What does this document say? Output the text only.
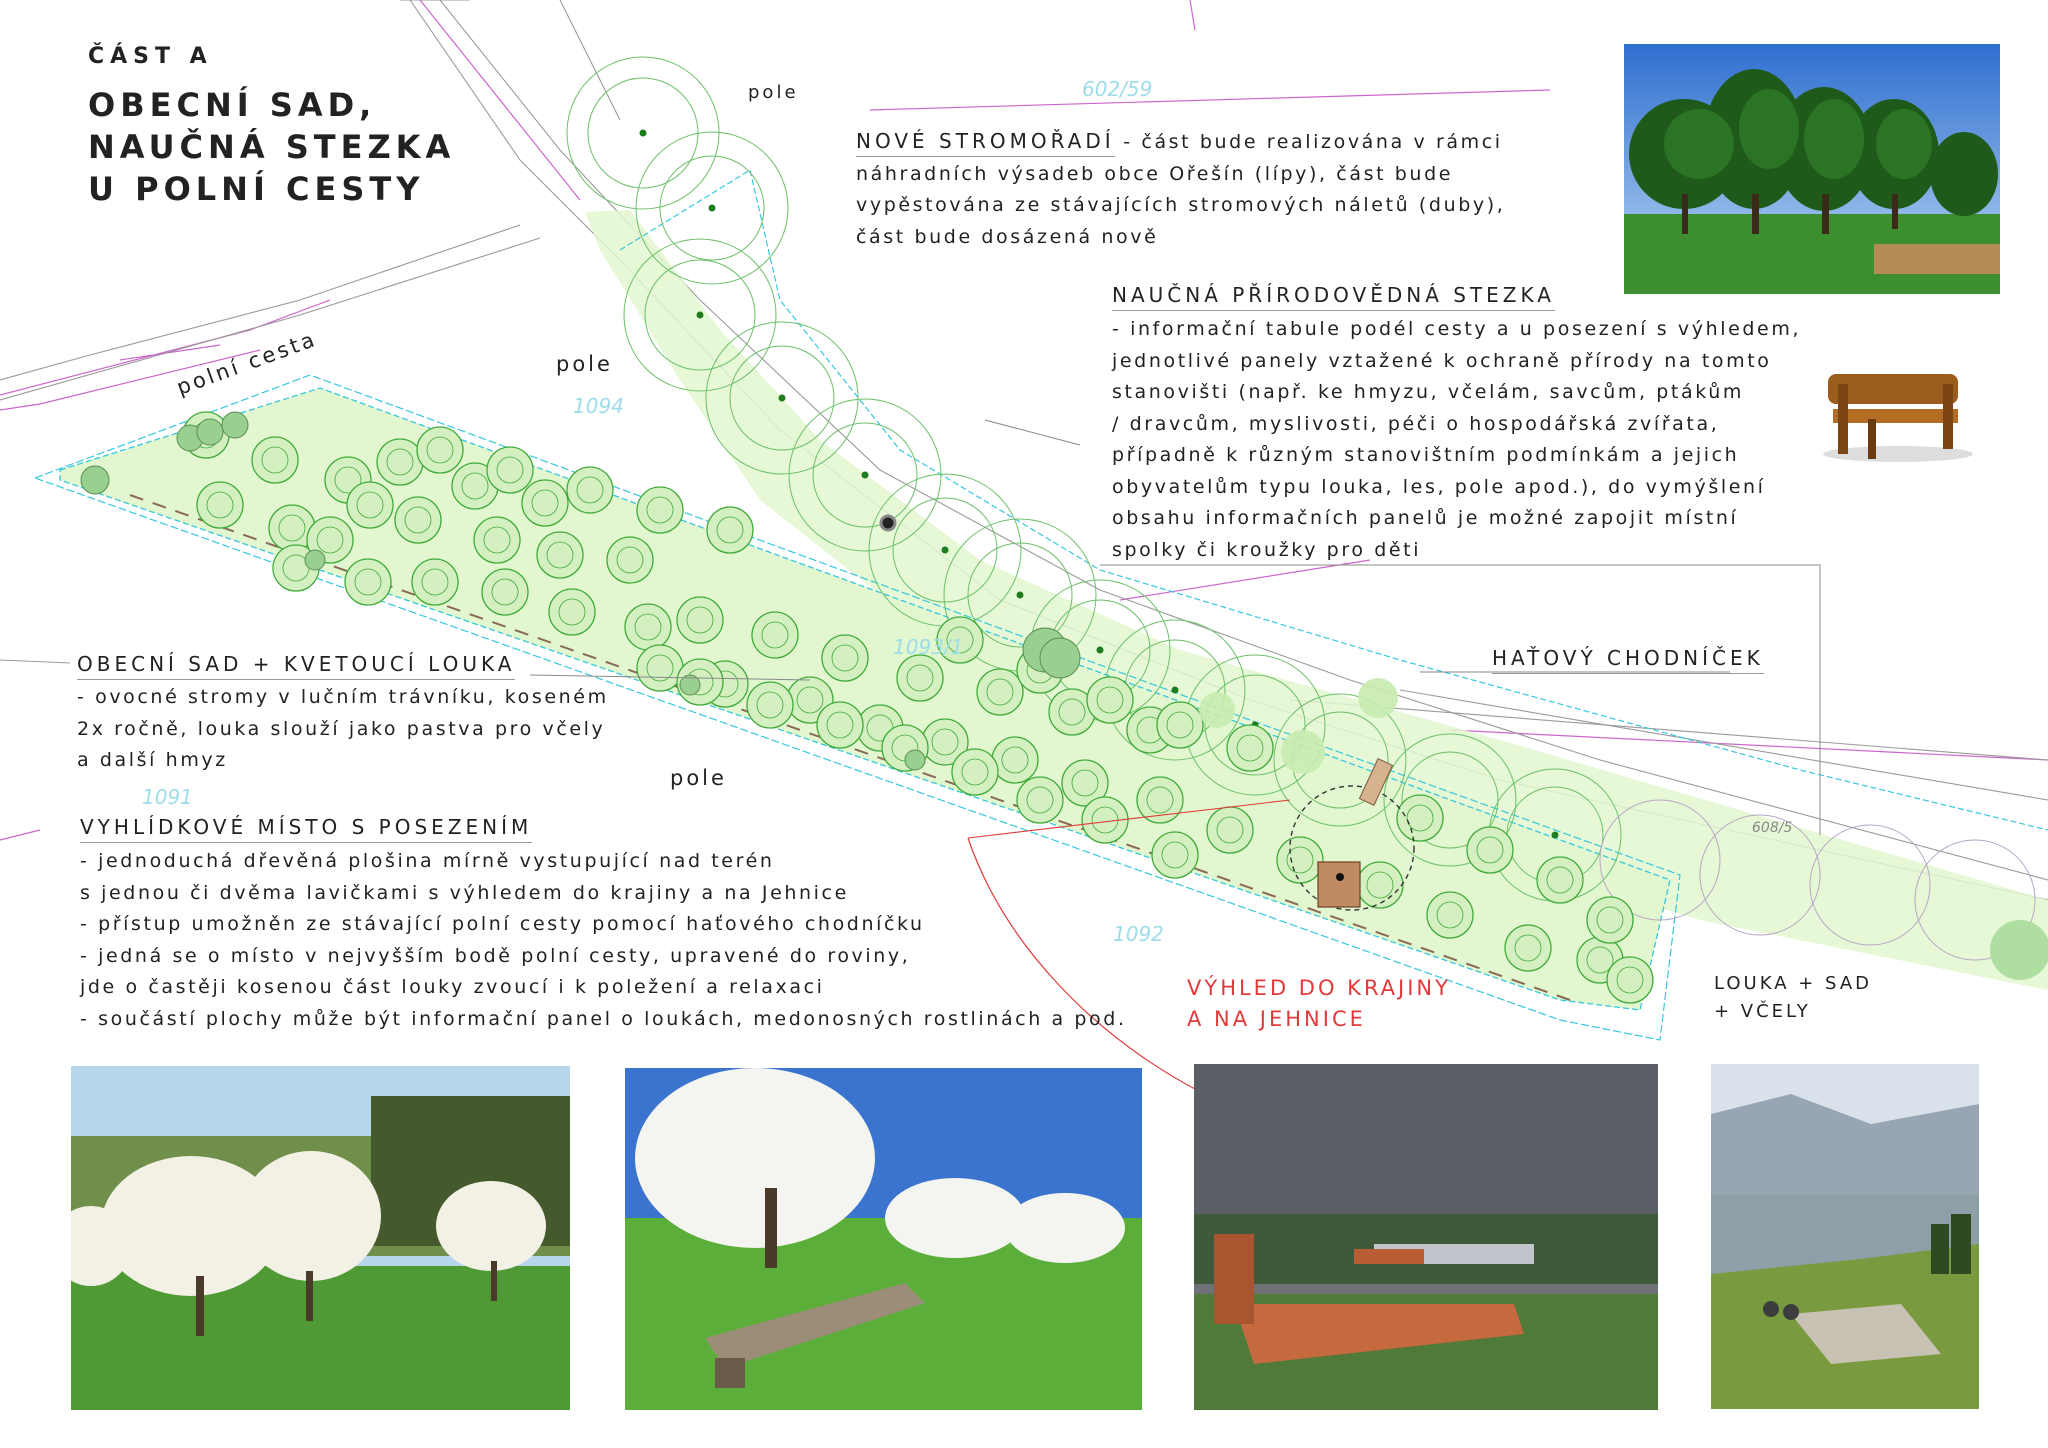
polní cesta
ČÁST A
OBECNÍ SAD,
NAUČNÁ STEZKA
U POLNÍ CESTY
pole
pole
pole
LOUKA + SAD
+ VČELY
VÝHLED DO KRAJINY
A NA JEHNICE
602/59
1094
1093/1
1091
1092
608/5
NOVÉ STROMOŘADÍ - část bude realizována v rámci
náhradních výsadeb obce Ořešín (lípy), část bude
vypěstována ze stávajících stromových náletů (duby),
část bude dosázená nově
NAUČNÁ PŘÍRODOVĚDNÁ STEZKA
- informační tabule podél cesty a u posezení s výhledem,
jednotlivé panely vztažené k ochraně přírody na tomto
stanovišti (např. ke hmyzu, včelám, savcům, ptákům
/ dravcům, myslivosti, péči o hospodářská zvířata,
případně k různým stanovištním podmínkám a jejich
obyvatelům typu louka, les, pole apod.), do vymýšlení
obsahu informačních panelů je možné zapojit místní
spolky či kroužky pro děti
HAŤOVÝ CHODNÍČEK
OBECNÍ SAD + KVETOUCÍ LOUKA
- ovocné stromy v lučním trávníku, koseném
2x ročně, louka slouží jako pastva pro včely
a další hmyz
VYHLÍDKOVÉ MÍSTO S POSEZENÍM
- jednoduchá dřevěná plošina mírně vystupující nad terén
s jednou či dvěma lavičkami s výhledem do krajiny a na Jehnice
- přístup umožněn ze stávající polní cesty pomocí haťového chodníčku
- jedná se o místo v nejvyšším bodě polní cesty, upravené do roviny,
jde o častěji kosenou část louky zvoucí i k poležení a relaxaci
- součástí plochy může být informační panel o loukách, medonosných rostlinách a pod.
